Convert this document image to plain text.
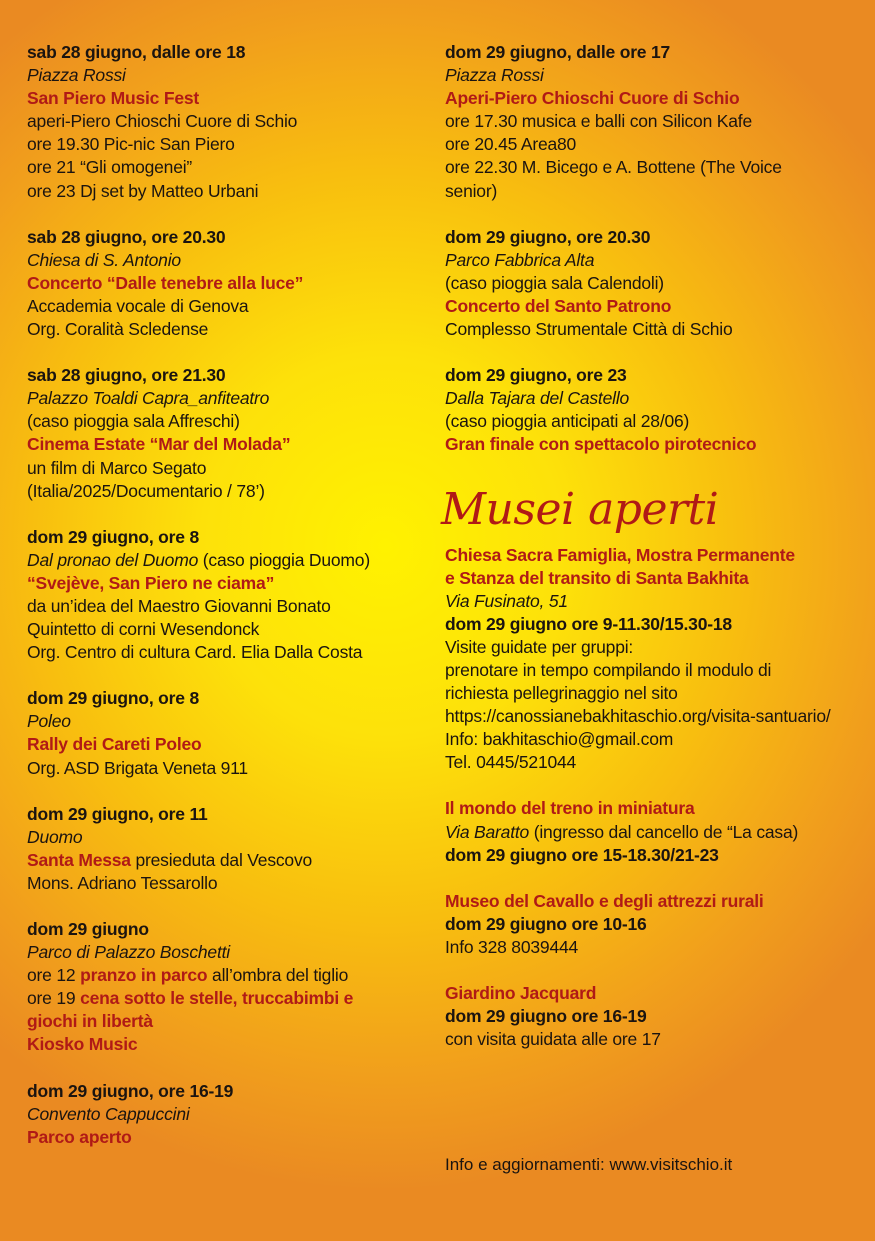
sab 28 giugno, dalle ore 18
Piazza Rossi
San Piero Music Fest
aperi-Piero Chioschi Cuore di Schio
ore 19.30 Pic-nic San Piero
ore 21 “Gli omogenei”
ore 23 Dj set by Matteo Urbani
sab 28 giugno, ore 20.30
Chiesa di S. Antonio
Concerto “Dalle tenebre alla luce”
Accademia vocale di Genova
Org. Coralità Scledense
sab 28 giugno, ore 21.30
Palazzo Toaldi Capra_anfiteatro
(caso pioggia sala Affreschi)
Cinema Estate “Mar del Molada”
un film di Marco Segato
(Italia/2025/Documentario / 78’)
dom 29 giugno, ore 8
Dal pronao del Duomo (caso pioggia Duomo)
“Svejève, San Piero ne ciama”
da un’idea del Maestro Giovanni Bonato
Quintetto di corni Wesendonck
Org. Centro di cultura Card. Elia Dalla Costa
dom 29 giugno, ore 8
Poleo
Rally dei Careti Poleo
Org. ASD Brigata Veneta 911
dom 29 giugno, ore 11
Duomo
Santa Messa presieduta dal Vescovo
Mons. Adriano Tessarollo
dom 29 giugno
Parco di Palazzo Boschetti
ore 12 pranzo in parco all’ombra del tiglio
ore 19 cena sotto le stelle, truccabimbi e
giochi in libertà
Kiosko Music
dom 29 giugno, ore 16-19
Convento Cappuccini
Parco aperto
dom 29 giugno, dalle ore 17
Piazza Rossi
Aperi-Piero Chioschi Cuore di Schio
ore 17.30 musica e balli con Silicon Kafe
ore 20.45 Area80
ore 22.30 M. Bicego e A. Bottene (The Voice
senior)
dom 29 giugno, ore 20.30
Parco Fabbrica Alta
(caso pioggia sala Calendoli)
Concerto del Santo Patrono
Complesso Strumentale Città di Schio
dom 29 giugno, ore 23
Dalla Tajara del Castello
(caso pioggia anticipati al 28/06)
Gran finale con spettacolo pirotecnico
Musei aperti
Chiesa Sacra Famiglia, Mostra Permanente
e Stanza del transito di Santa Bakhita
Via Fusinato, 51
dom 29 giugno ore 9-11.30/15.30-18
Visite guidate per gruppi:
prenotare in tempo compilando il modulo di
richiesta pellegrinaggio nel sito
https://canossianebakhitaschio.org/visita-santuario/
Info: bakhitaschio@gmail.com
Tel. 0445/521044
Il mondo del treno in miniatura
Via Baratto (ingresso dal cancello de “La casa)
dom 29 giugno ore 15-18.30/21-23
Museo del Cavallo e degli attrezzi rurali
dom 29 giugno ore 10-16
Info 328 8039444
Giardino Jacquard
dom 29 giugno ore 16-19
con visita guidata alle ore 17
Info e aggiornamenti: www.visitschio.it
